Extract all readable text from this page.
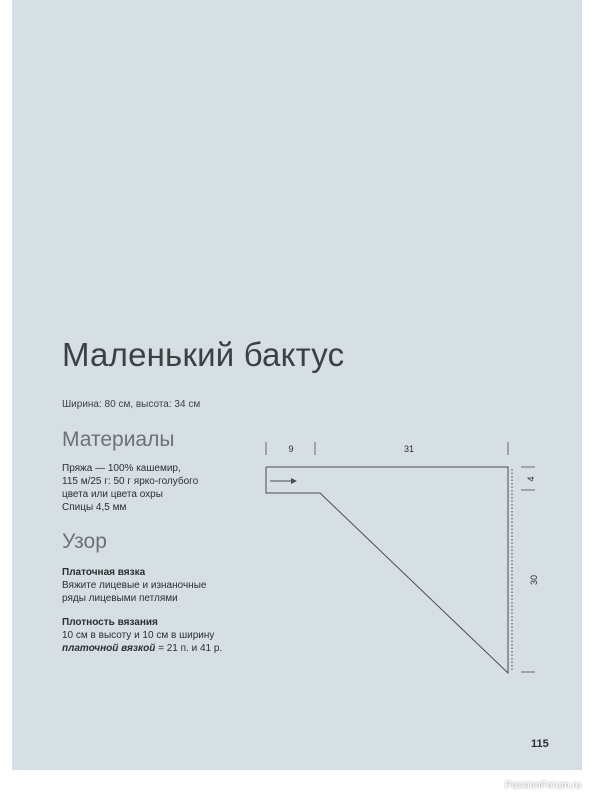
Маленький бактус
Ширина: 80 см, высота: 34 см
Материалы
Пряжа — 100% кашемир,
115 м/25 г: 50 г ярко-голубого
цвета или цвета охры
Спицы 4,5 мм
Узор
Платочная вязка
Вяжите лицевые и изнаночные
ряды лицевыми петлями
Плотность вязания
10 см в высоту и 10 см в ширину
платочной вязкой = 21 п. и 41 р.
9	31
4
30
115
PassionForum.ru
